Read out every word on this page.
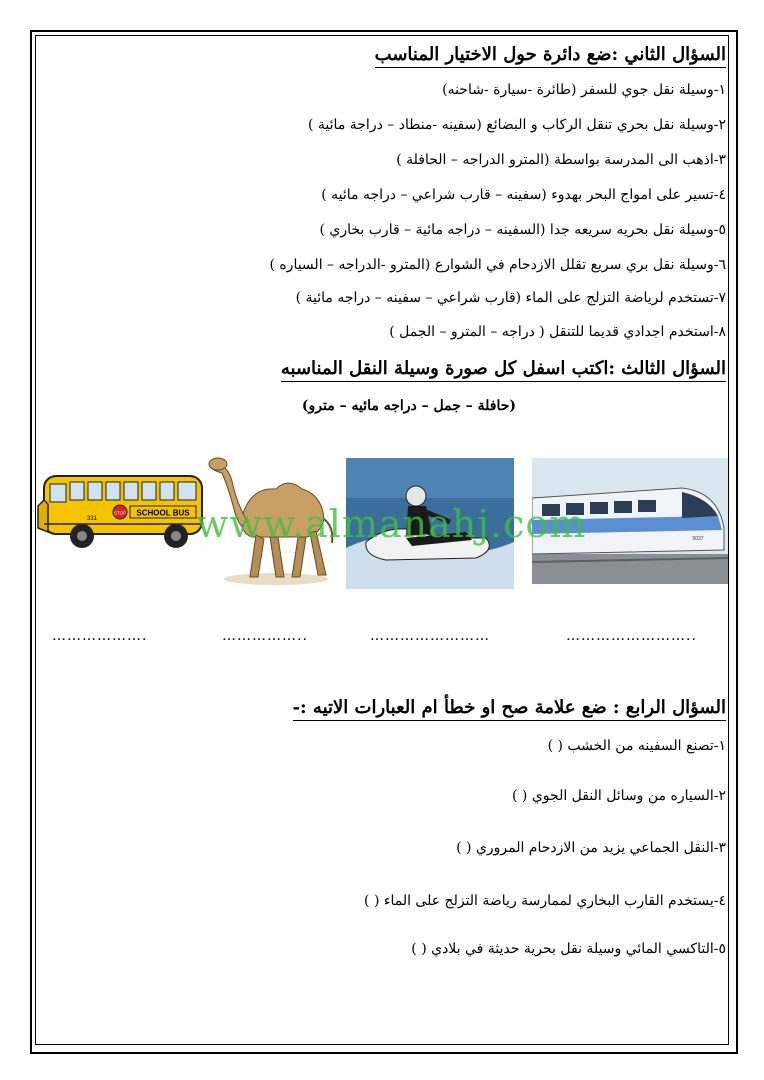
السؤال الثاني :ضع دائرة حول الاختيار المناسب
١-وسيلة نقل جوي للسفر (طائرة -سيارة -شاحنه)
٢-وسيلة نقل بحري تنقل الركاب و البضائع (سفينه -منطاد – دراجة مائية )
٣-اذهب الى المدرسة بواسطة (المترو الدراجه – الحافلة )
٤-تسير على امواج البحر بهدوء (سفينه – قارب شراعي – دراجه مائيه )
٥-وسيلة نقل بحريه سريعه جدا (السفينه – دراجه مائية – قارب بخاري )
٦-وسيلة نقل بري سريع تقلل الازدحام في الشوارع (المترو -الدراجه – السياره )
٧-تستخدم لرياضة التزلج على الماء (قارب شراعي – سفينه – دراجه مائية )
٨-استخدم اجدادي قديما للتنقل ( دراجه – المترو – الجمل )
السؤال الثالث :اكتب اسفل كل صورة وسيلة النقل المناسبه
(حافلة – جمل – دراجه مائيه – مترو)
SCHOOL BUS
STOP
331
5037
www.almanahj.com
……………….	……………..	……………………	……………………..
السؤال الرابع : ضع علامة صح او خطأ ام العبارات الاتيه :-
١-تصنع السفينه من الخشب ( )
٢-السياره من وسائل النقل الجوي ( )
٣-النقل الجماعي يزيد من الازدحام المروري ( )
٤-يستخدم القارب البخاري لممارسة رياضة التزلج على الماء ( )
٥-التاكسي المائي وسيلة نقل بحرية حديثة في بلادي ( )
